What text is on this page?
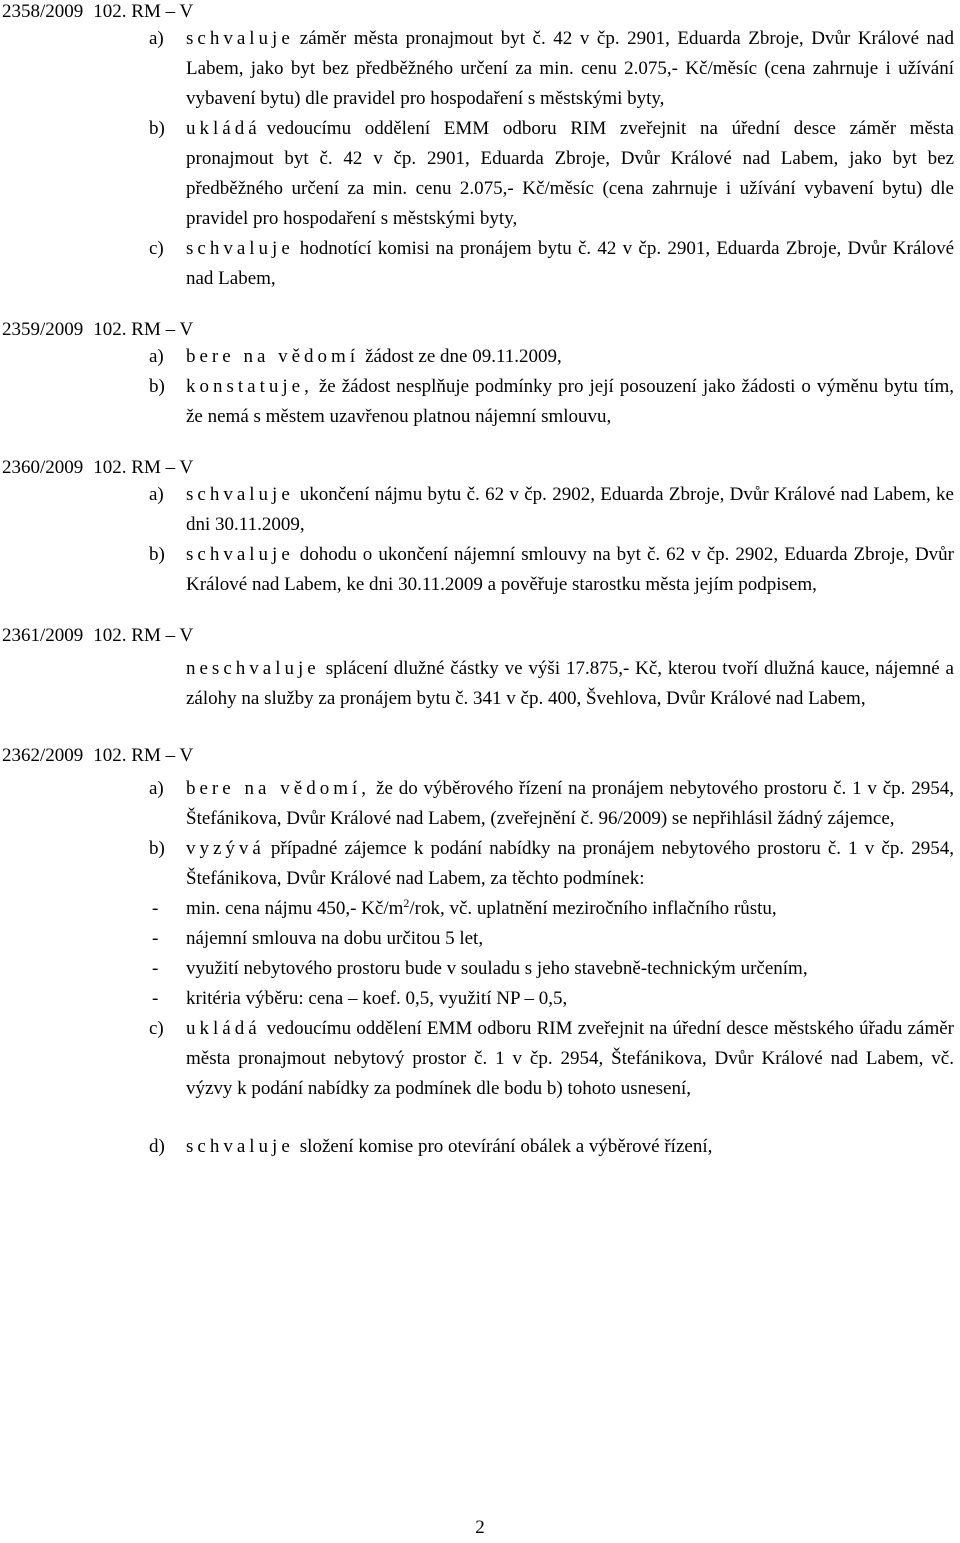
2358/2009 102. RM – V
a)	schvaluje záměr města pronajmout byt č. 42 v čp. 2901, Eduarda Zbroje, Dvůr Králové nad Labem, jako byt bez předběžného určení za min. cenu 2.075,- Kč/měsíc (cena zahrnuje i užívání vybavení bytu) dle pravidel pro hospodaření s městskými byty,
b)	ukládá vedoucímu oddělení EMM odboru RIM zveřejnit na úřední desce záměr města pronajmout byt č. 42 v čp. 2901, Eduarda Zbroje, Dvůr Králové nad Labem, jako byt bez předběžného určení za min. cenu 2.075,- Kč/měsíc (cena zahrnuje i užívání vybavení bytu) dle pravidel pro hospodaření s městskými byty,
c)	schvaluje hodnotící komisi na pronájem bytu č. 42 v čp. 2901, Eduarda Zbroje, Dvůr Králové nad Labem,
2359/2009 102. RM – V
a)	bere na vědomí žádost ze dne 09.11.2009,
b)	konstatuje, že žádost nesplňuje podmínky pro její posouzení jako žádosti o výměnu bytu tím, že nemá s městem uzavřenou platnou nájemní smlouvu,
2360/2009 102. RM – V
a)	schvaluje ukončení nájmu bytu č. 62 v čp. 2902, Eduarda Zbroje, Dvůr Králové nad Labem, ke dni 30.11.2009,
b)	schvaluje dohodu o ukončení nájemní smlouvy na byt č. 62 v čp. 2902, Eduarda Zbroje, Dvůr Králové nad Labem, ke dni 30.11.2009 a pověřuje starostku města jejím podpisem,
2361/2009 102. RM – V
neschvaluje splácení dlužné částky ve výši 17.875,- Kč, kterou tvoří dlužná kauce, nájemné a zálohy na služby za pronájem bytu č. 341 v čp. 400, Švehlova, Dvůr Králové nad Labem,
2362/2009 102. RM – V
a)	bere na vědomí, že do výběrového řízení na pronájem nebytového prostoru č. 1 v čp. 2954, Štefánikova, Dvůr Králové nad Labem, (zveřejnění č. 96/2009) se nepřihlásil žádný zájemce,
b)	vyzývá případné zájemce k podání nabídky na pronájem nebytového prostoru č. 1 v čp. 2954, Štefánikova, Dvůr Králové nad Labem, za těchto podmínek:
- min. cena nájmu 450,- $Kč/m^2$/rok, vč. uplatnění meziročního inflačního růstu,
- nájemní smlouva na dobu určitou 5 let,
- využití nebytového prostoru bude v souladu s jeho stavebně-technickým určením,
- kritéria výběru: cena – koef. 0,5, využití NP – 0,5,
c)	ukládá vedoucímu oddělení EMM odboru RIM zveřejnit na úřední desce městského úřadu záměr města pronajmout nebytový prostor č. 1 v čp. 2954, Štefánikova, Dvůr Králové nad Labem, vč. výzvy k podání nabídky za podmínek dle bodu b) tohoto usnesení,
d)	schvaluje složení komise pro otevírání obálek a výběrové řízení,
2
